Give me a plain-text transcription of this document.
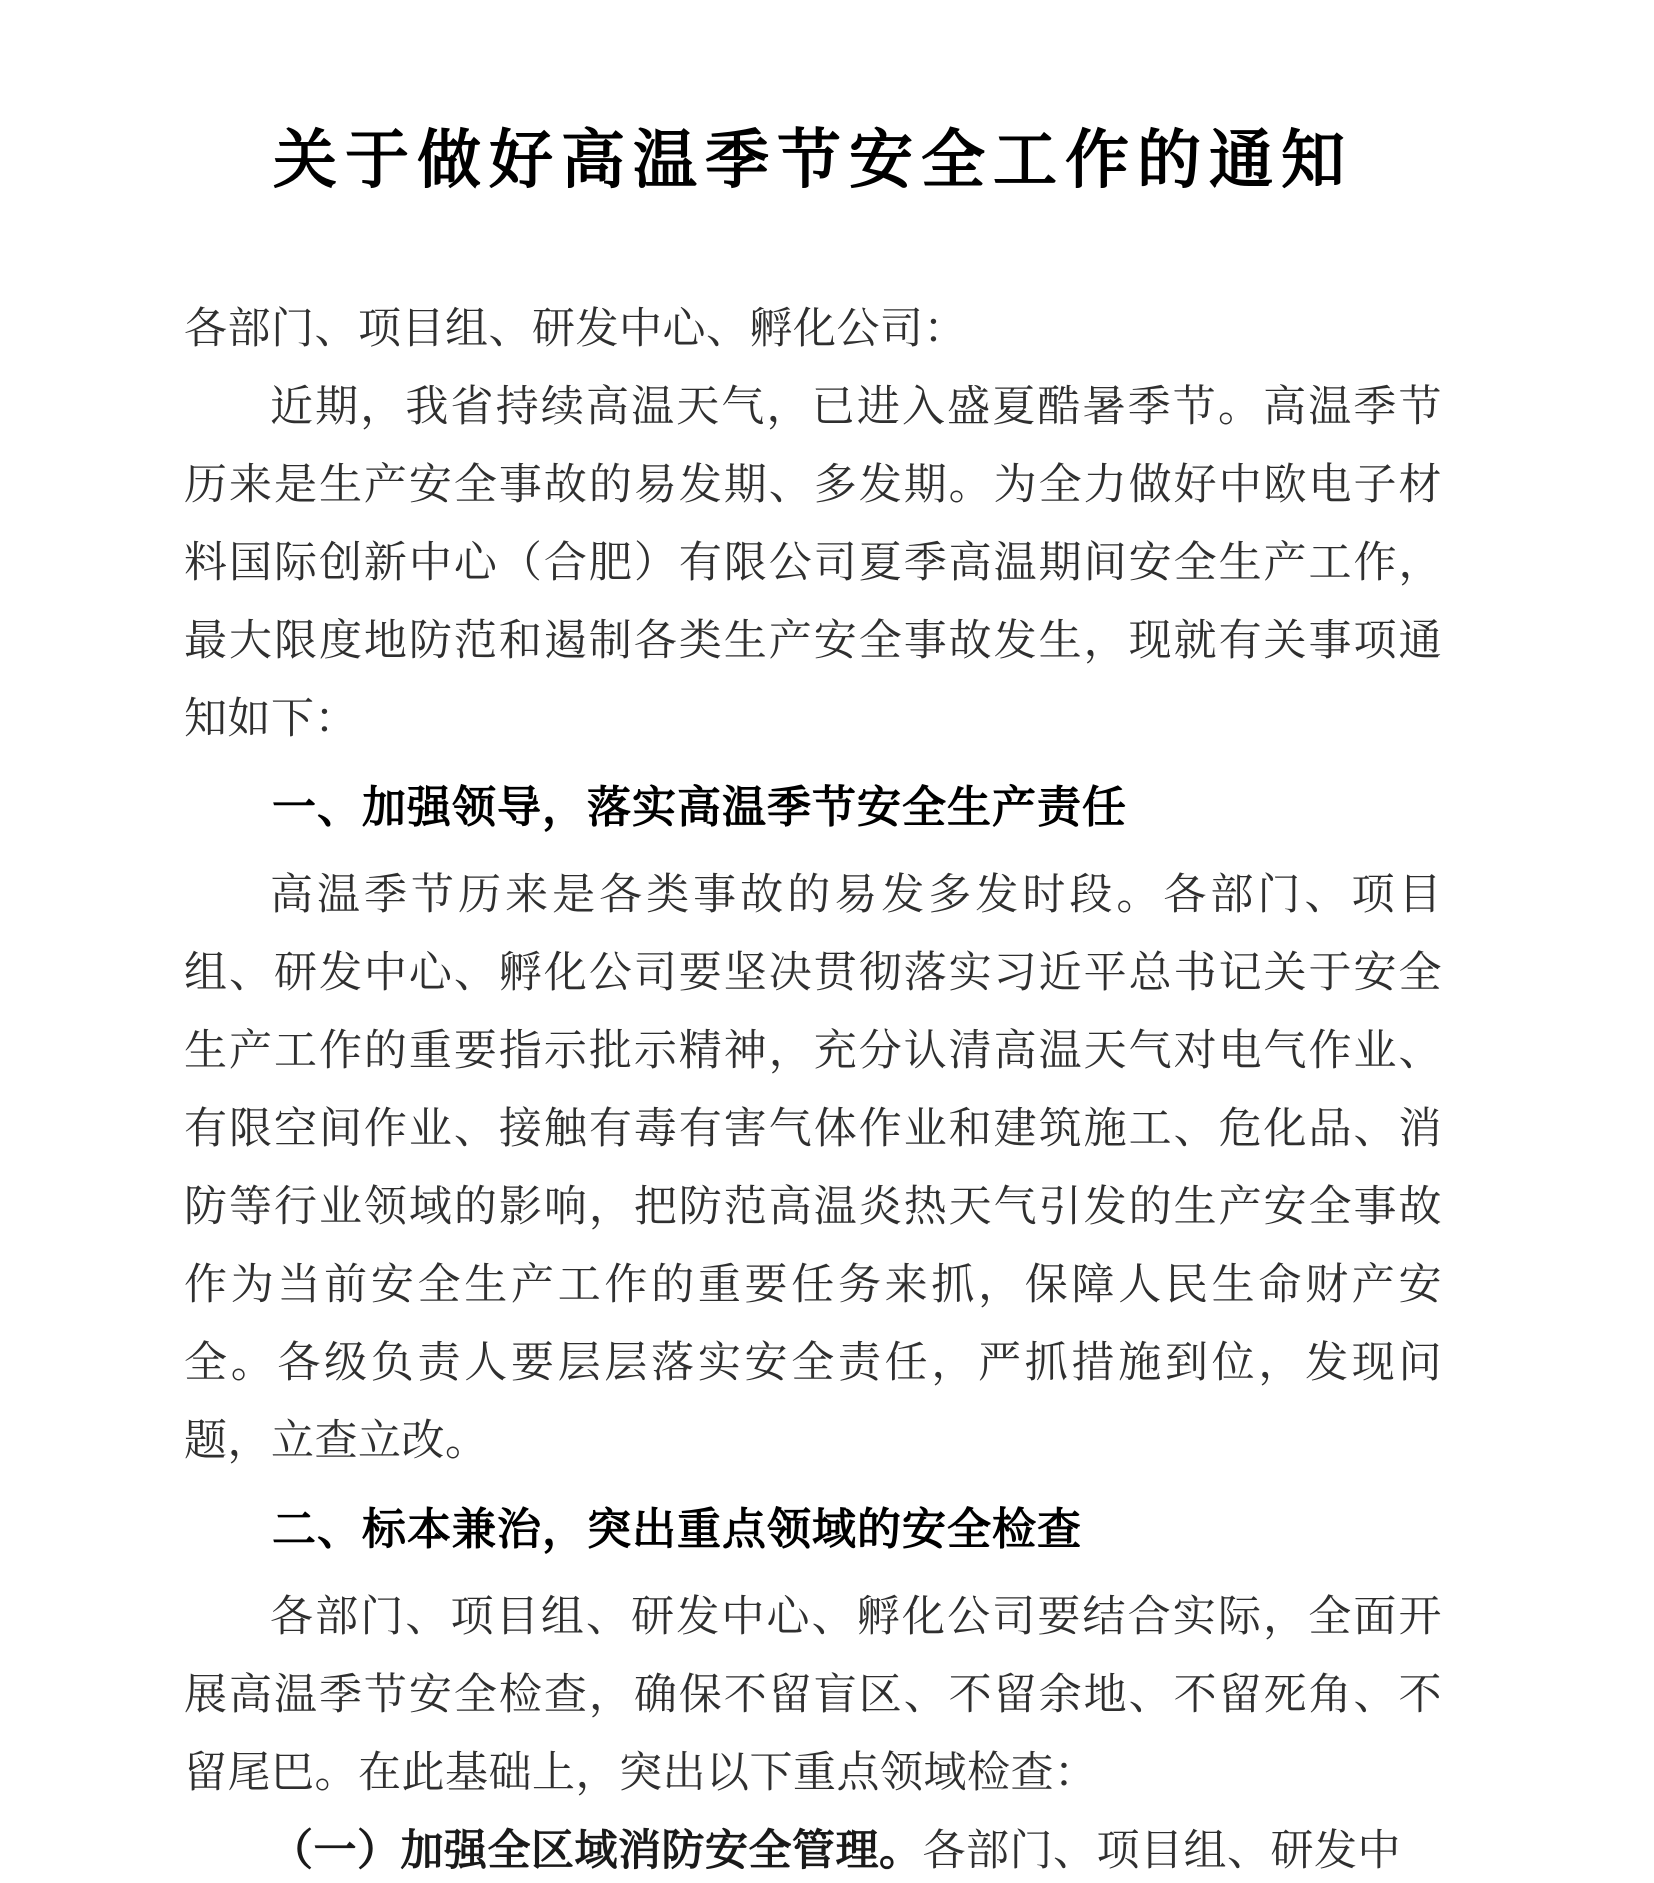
关于做好高温季节安全工作的通知

各部门、项目组、研发中心、孵化公司：

近期，我省持续高温天气，已进入盛夏酷暑季节。高温季节历来是生产安全事故的易发期、多发期。为全力做好中欧电子材料国际创新中心（合肥）有限公司夏季高温期间安全生产工作，最大限度地防范和遏制各类生产安全事故发生，现就有关事项通知如下：

一、加强领导，落实高温季节安全生产责任

高温季节历来是各类事故的易发多发时段。各部门、项目组、研发中心、孵化公司要坚决贯彻落实习近平总书记关于安全生产工作的重要指示批示精神，充分认清高温天气对电气作业、有限空间作业、接触有毒有害气体作业和建筑施工、危化品、消防等行业领域的影响，把防范高温炎热天气引发的生产安全事故作为当前安全生产工作的重要任务来抓，保障人民生命财产安全。各级负责人要层层落实安全责任，严抓措施到位，发现问题，立查立改。

二、标本兼治，突出重点领域的安全检查

各部门、项目组、研发中心、孵化公司要结合实际，全面开展高温季节安全检查，确保不留盲区、不留余地、不留死角、不留尾巴。在此基础上，突出以下重点领域检查：

（一）加强全区域消防安全管理。各部门、项目组、研发中
